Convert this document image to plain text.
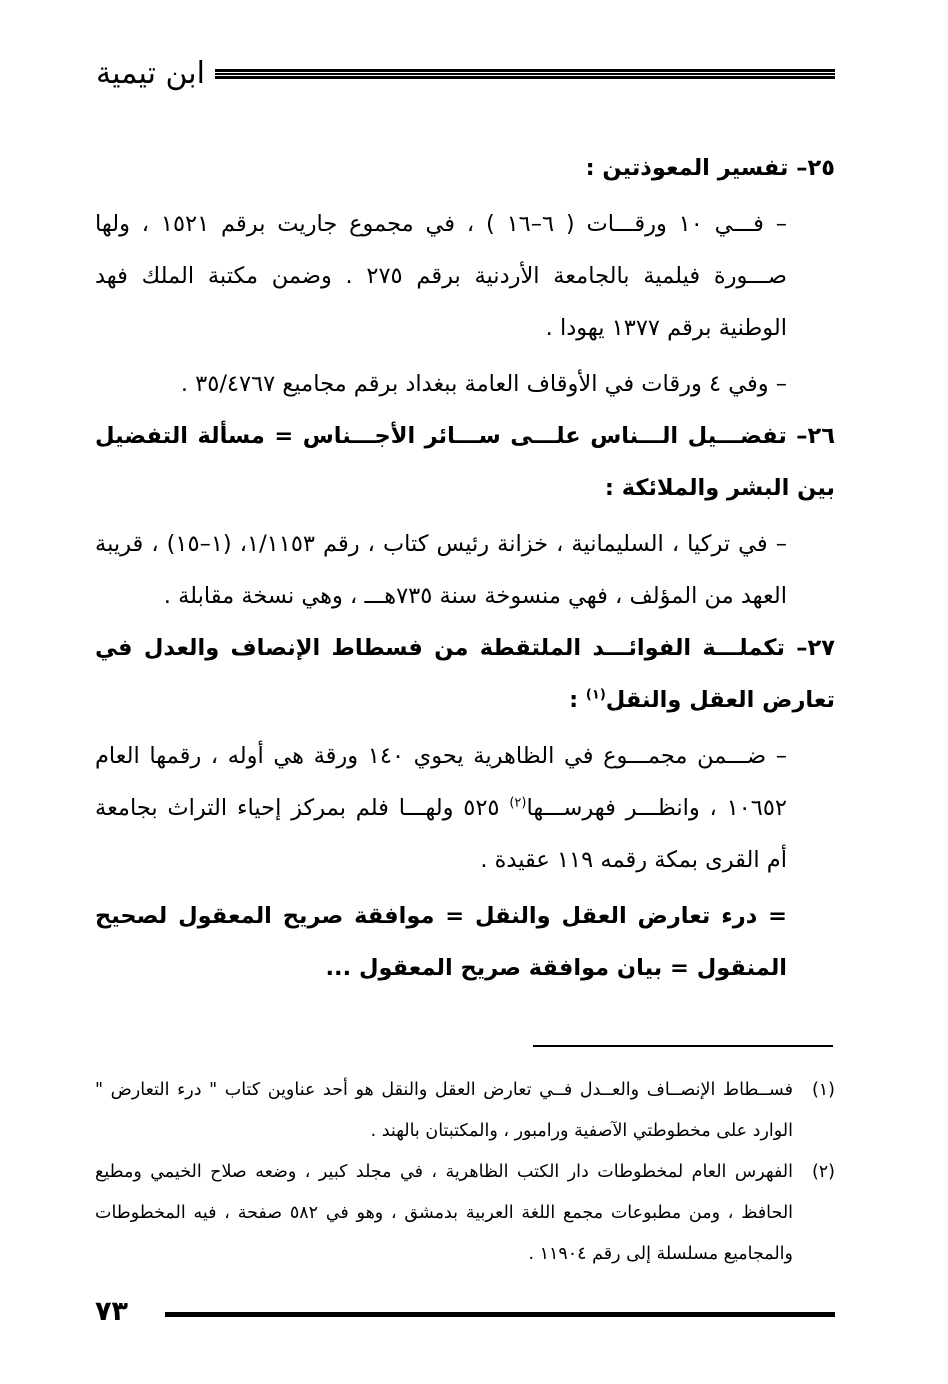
ابن تيمية

٢٥– تفسير المعوذتين :

– فـــي ١٠ ورقـــات ( ٦–١٦ ) ، في مجموع جاريت برقم ١٥٢١ ، ولها صـــورة فيلمية بالجامعة الأردنية برقم ٢٧٥ . وضمن مكتبة الملك فهد الوطنية برقم ١٣٧٧ يهودا .

– وفي ٤ ورقات في الأوقاف العامة ببغداد برقم مجاميع ٣٥/٤٧٦٧ .

٢٦– تفضـــيل الـــناس علـــى ســـائر الأجـــناس = مسألة التفضيل بين البشر والملائكة :

– في تركيا ، السليمانية ، خزانة رئيس كتاب ، رقم ١/١١٥٣، (١–١٥) ، قريبة العهد من المؤلف ، فهي منسوخة سنة ٧٣٥هـــ ، وهي نسخة مقابلة .

٢٧– تكملـــة الفوائـــد الملتقطة من فسطاط الإنصاف والعدل في تعارض العقل والنقل$^{(١)}$ :

– ضـــمن مجمـــوع في الظاهرية يحوي ١٤٠ ورقة هي أوله ، رقمها العام ١٠٦٥٢ ، وانظـــر فهرســـها$^{(٢)}$ ٥٢٥ ولهـــا فلم بمركز إحياء التراث بجامعة أم القرى بمكة رقمه ١١٩ عقيدة .

= درء تعارض العقل والنقل = موافقة صريح المعقول لصحيح المنقول = بيان موافقة صريح المعقول ...

(١)
فســطاط الإنصــاف والعــدل فــي تعارض العقل والنقل هو أحد عناوين كتاب " درء التعارض " الوارد على مخطوطتي الآصفية ورامبور ، والمكتبتان بالهند .
(٢)
الفهرس العام لمخطوطات دار الكتب الظاهرية ، في مجلد كبير ، وضعه صلاح الخيمي ومطيع الحافظ ، ومن مطبوعات مجمع اللغة العربية بدمشق ، وهو في ٥٨٢ صفحة ، فيه المخطوطات والمجاميع مسلسلة إلى رقم ١١٩٠٤ .
٧٣
